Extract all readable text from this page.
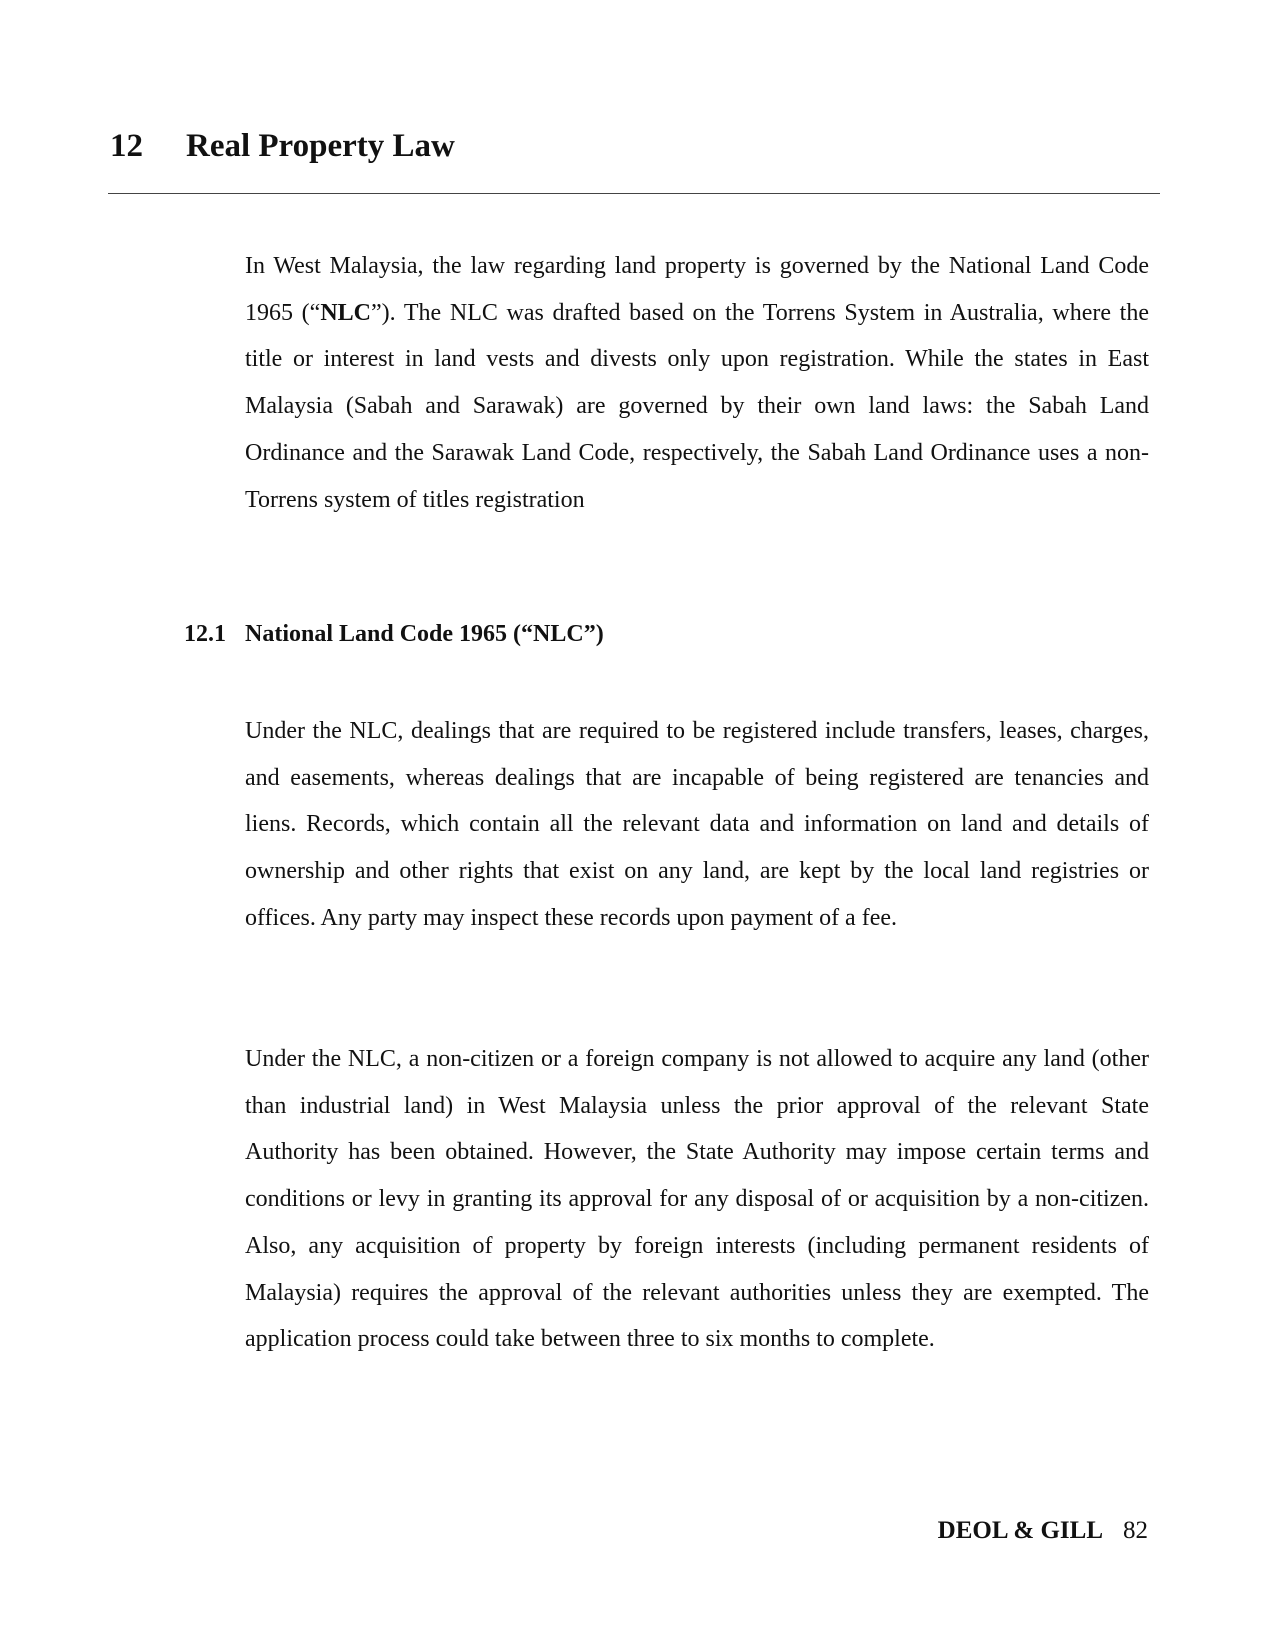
12 Real Property Law

In West Malaysia, the law regarding land property is governed by the National Land Code 1965 (“NLC”). The NLC was drafted based on the Torrens System in Australia, where the title or interest in land vests and divests only upon registration. While the states in East Malaysia (Sabah and Sarawak) are governed by their own land laws: the Sabah Land Ordinance and the Sarawak Land Code, respectively, the Sabah Land Ordinance uses a non-Torrens system of titles registration

12.1 National Land Code 1965 (“NLC”)

Under the NLC, dealings that are required to be registered include transfers, leases, charges, and easements, whereas dealings that are incapable of being registered are tenancies and liens. Records, which contain all the relevant data and information on land and details of ownership and other rights that exist on any land, are kept by the local land registries or offices. Any party may inspect these records upon payment of a fee.

Under the NLC, a non-citizen or a foreign company is not allowed to acquire any land (other than industrial land) in West Malaysia unless the prior approval of the relevant State Authority has been obtained. However, the State Authority may impose certain terms and conditions or levy in granting its approval for any disposal of or acquisition by a non-citizen. Also, any acquisition of property by foreign interests (including permanent residents of Malaysia) requires the approval of the relevant authorities unless they are exempted. The application process could take between three to six months to complete.

DEOL & GILL 82
